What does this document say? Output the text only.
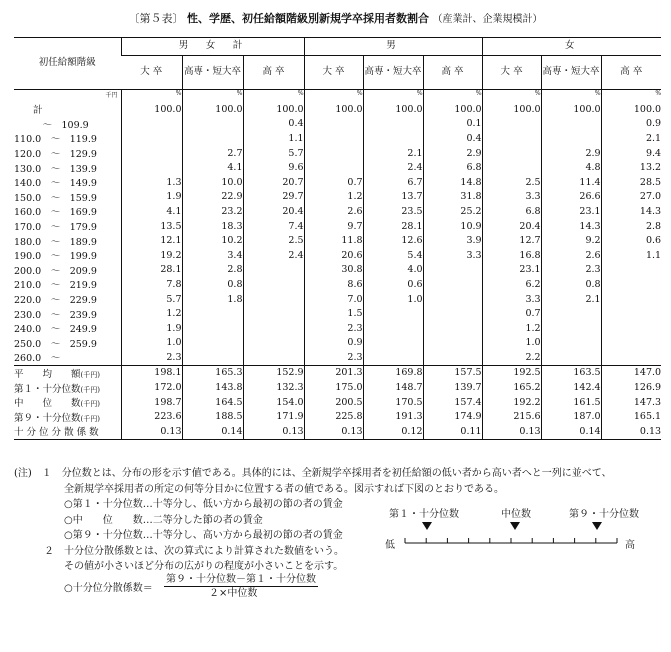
〔第５表〕 性、学歴、初任給額階級別新規学卒採用者数割合 （産業計、企業規模計）
初任給額階級	男　女　計			男			女		
	大 卒	高専・短大卒	高 卒	大 卒	高専・短大卒	高 卒	大 卒	高専・短大卒	高 卒
千円	%	%	%	%	%	%	%	%	%
　　計	100.0	100.0	100.0	100.0	100.0	100.0	100.0	100.0	100.0
　　　〜　109.9			0.4			0.1			0.9
110.0　〜　119.9			1.1			0.4			2.1
120.0　〜　129.9		2.7	5.7		2.1	2.9		2.9	9.4
130.0　〜　139.9		4.1	9.6		2.4	6.8		4.8	13.2
140.0　〜　149.9	1.3	10.0	20.7	0.7	6.7	14.8	2.5	11.4	28.5
150.0　〜　159.9	1.9	22.9	29.7	1.2	13.7	31.8	3.3	26.6	27.0
160.0　〜　169.9	4.1	23.2	20.4	2.6	23.5	25.2	6.8	23.1	14.3
170.0　〜　179.9	13.5	18.3	7.4	9.7	28.1	10.9	20.4	14.3	2.8
180.0　〜　189.9	12.1	10.2	2.5	11.8	12.6	3.9	12.7	9.2	0.6
190.0　〜　199.9	19.2	3.4	2.4	20.6	5.4	3.3	16.8	2.6	1.1
200.0　〜　209.9	28.1	2.8		30.8	4.0		23.1	2.3	
210.0　〜　219.9	7.8	0.8		8.6	0.6		6.2	0.8	
220.0　〜　229.9	5.7	1.8		7.0	1.0		3.3	2.1	
230.0　〜　239.9	1.2			1.5			0.7		
240.0　〜　249.9	1.9			2.3			1.2		
250.0　〜　259.9	1.0			0.9			1.0		
260.0　〜	2.3			2.3			2.2		
平　　均　　額(千円)	198.1	165.3	152.9	201.3	169.8	157.5	192.5	163.5	147.0
第１・十分位数(千円)	172.0	143.8	132.3	175.0	148.7	139.7	165.2	142.4	126.9
中　　位　　数(千円)	198.7	164.5	154.0	200.5	170.5	157.4	192.2	161.5	147.3
第９・十分位数(千円)	223.6	188.5	171.9	225.8	191.3	174.9	215.6	187.0	165.1
十 分 位 分 散 係 数	0.13	0.14	0.13	0.13	0.12	0.11	0.13	0.14	0.13
(注)　１　分位数とは、分布の形を示す値である。具体的には、全新規学卒採用者を初任給額の低い者から高い者へと一列に並べて、
　　　　　全新規学卒採用者の所定の何等分目かに位置する者の値である。図示すれば下図のとおりである。
　　　　　○第１・十分位数…十等分し、低い方から最初の節の者の賃金
　　　　　○中　　位　　数…二等分した節の者の賃金
　　　　　○第９・十分位数…十等分し、高い方から最初の節の者の賃金
　　　２　十分位分散係数とは、次の算式により計算された数値をいう。
　　　　　その値が小さいほど分布の広がりの程度が小さいことを示す。

○十分位分散係数＝

第９・十分位数－第１・十分位数

２×中位数

第１・十分位数	中位数	第９・十分位数
低	高
